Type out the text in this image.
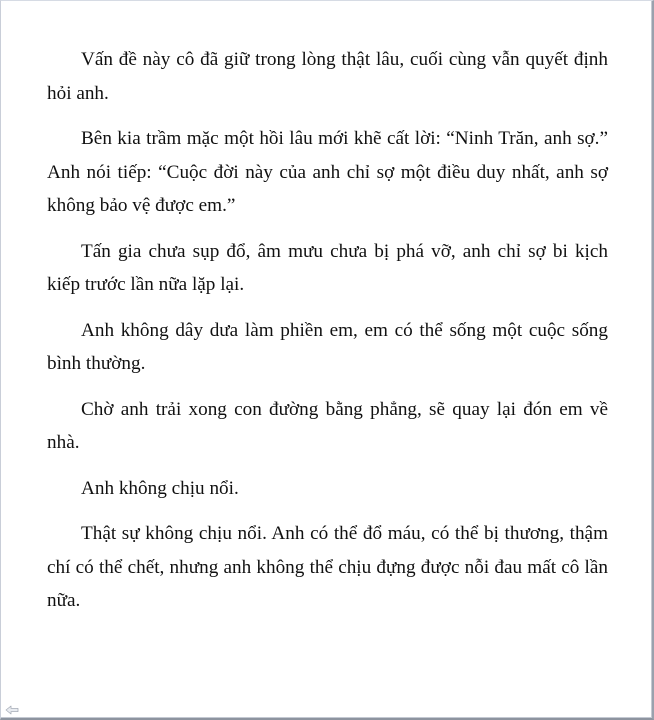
Vấn đề này cô đã giữ trong lòng thật lâu, cuối cùng vẫn quyết định hỏi anh.

Bên kia trầm mặc một hồi lâu mới khẽ cất lời: “Ninh Trăn, anh sợ.” Anh nói tiếp: “Cuộc đời này của anh chỉ sợ một điều duy nhất, anh sợ không bảo vệ được em.”

Tấn gia chưa sụp đổ, âm mưu chưa bị phá vỡ, anh chỉ sợ bi kịch kiếp trước lần nữa lặp lại.

Anh không dây dưa làm phiền em, em có thể sống một cuộc sống bình thường.

Chờ anh trải xong con đường bằng phẳng, sẽ quay lại đón em về nhà.

Anh không chịu nổi.

Thật sự không chịu nổi. Anh có thể đổ máu, có thể bị thương, thậm chí có thể chết, nhưng anh không thể chịu đựng được nỗi đau mất cô lần nữa.
